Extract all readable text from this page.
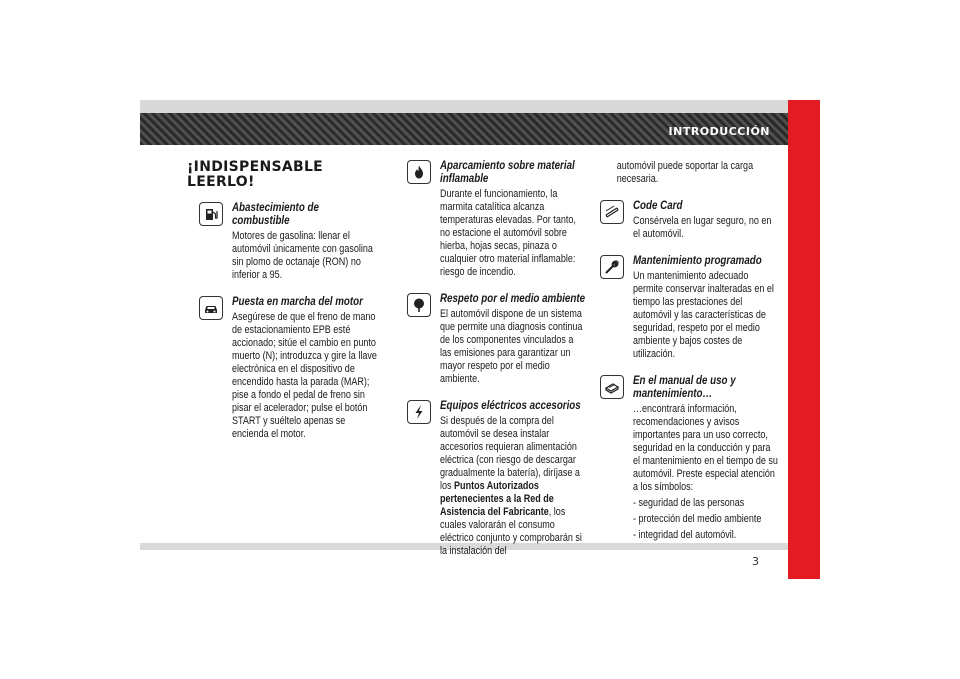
INTRODUCCIÓN
3
¡INDISPENSABLE
LEERLO!
Abastecimiento de combustible
Motores de gasolina: llenar el automóvil únicamente con gasolina sin plomo de octanaje (RON) no inferior a 95.
Puesta en marcha del motor
Asegúrese de que el freno de mano de estacionamiento EPB esté accionado; sitúe el cambio en punto muerto (N); introduzca y gire la llave electrónica en el dispositivo de encendido hasta la parada (MAR); pise a fondo el pedal de freno sin pisar el acelerador; pulse el botón START y suéltelo apenas se encienda el motor.
Aparcamiento sobre material inflamable
Durante el funcionamiento, la marmita catalítica alcanza temperaturas elevadas. Por tanto, no estacione el automóvil sobre hierba, hojas secas, pinaza o cualquier otro material inflamable: riesgo de incendio.
Respeto por el medio ambiente
El automóvil dispone de un sistema que permite una diagnosis continua de los componentes vinculados a las emisiones para garantizar un mayor respeto por el medio ambiente.
Equipos eléctricos accesorios
Si después de la compra del automóvil se desea instalar accesorios requieran alimentación eléctrica (con riesgo de descargar gradualmente la batería), diríjase a los Puntos Autorizados pertenecientes a la Red de Asistencia del Fabricante, los cuales valorarán el consumo eléctrico conjunto y comprobarán si la instalación del
automóvil puede soportar la carga necesaria.
Code Card
Consérvela en lugar seguro, no en el automóvil.
Mantenimiento programado
Un mantenimiento adecuado permite conservar inalteradas en el tiempo las prestaciones del automóvil y las características de seguridad, respeto por el medio ambiente y bajos costes de utilización.
En el manual de uso y mantenimiento…
…encontrará información, recomendaciones y avisos importantes para un uso correcto, seguridad en la conducción y para el mantenimiento en el tiempo de su automóvil. Preste especial atención a los símbolos:
- seguridad de las personas
- protección del medio ambiente
- integridad del automóvil.
